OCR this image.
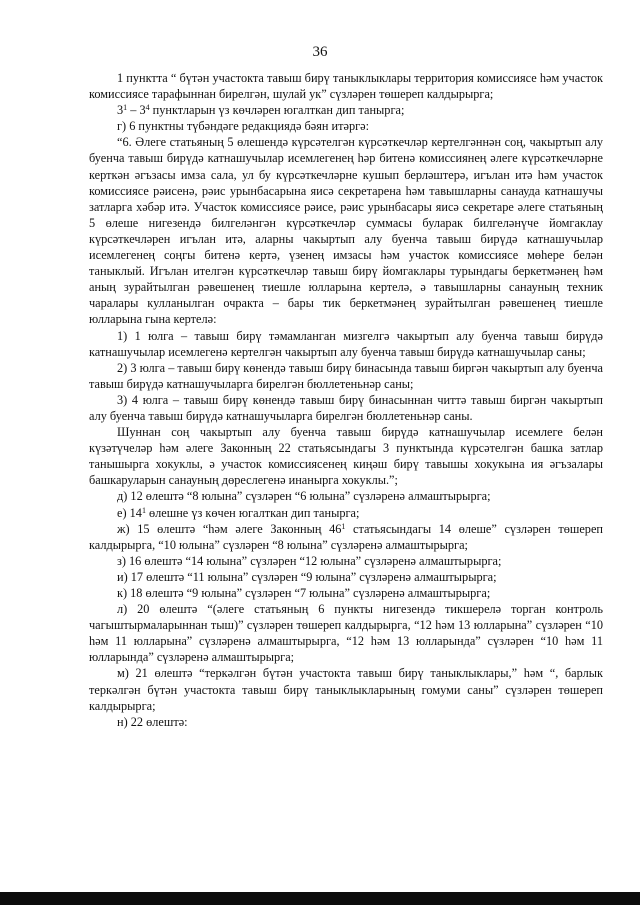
36

1 пунктта “ бүтән участокта тавыш бирү таныклыклары территория комиссиясе һәм участок комиссиясе тарафыннан бирелгән, шулай ук” сүзләрен төшереп калдырырга;

$3^1 - 3^4$ пунктларын үз көчләрен югалткан дип танырга;

г) 6 пунктны түбәндәге редакциядә бәян итәргә:

“6. Әлеге статьяның 5 өлешендә күрсәтелгән күрсәткечләр кертелгәннән соң, чакыртып алу буенча тавыш бирүдә катнашучылар исемлегенең һәр битенә комиссиянең әлеге күрсәткечләрне керткән әгъзасы имза сала, ул бу күрсәткечләрне кушып берләштерә, игълан итә һәм участок комиссиясе рәисенә, рәис урынбасарына яисә секретарена һәм тавышларны санауда катнашучы затларга хәбәр итә. Участок комиссиясе рәисе, рәис урынбасары яисә секретаре әлеге статьяның 5 өлеше нигезендә билгеләнгән күрсәткечләр суммасы буларак билгеләнүче йомгаклау күрсәткечләрен игълан итә, аларны чакыртып алу буенча тавыш бирүдә катнашучылар исемлегенең соңгы битенә кертә, үзенең имзасы һәм участок комиссиясе мөһере белән таныклый. Игълан ителгән күрсәткечләр тавыш бирү йомгаклары турындагы беркетмәнең һәм аның зурайтылган рәвешенең тиешле юлларына кертелә, ә тавышларны санауның техник чаралары кулланылган очракта – бары тик беркетмәнең зурайтылган рәвешенең тиешле юлларына гына кертелә:

1) 1 юлга – тавыш бирү тәмамланган мизгелгә чакыртып алу буенча тавыш бирүдә катнашучылар исемлегенә кертелгән чакыртып алу буенча тавыш бирүдә катнашучылар саны;

2) 3 юлга – тавыш бирү көнендә тавыш бирү бинасында тавыш биргән чакыртып алу буенча тавыш бирүдә катнашучыларга бирелгән бюллетеньнәр саны;

3) 4 юлга – тавыш бирү көнендә тавыш бирү бинасыннан читтә тавыш биргән чакыртып алу буенча тавыш бирүдә катнашучыларга бирелгән бюллетеньнәр саны.

Шуннан соң чакыртып алу буенча тавыш бирүдә катнашучылар исемлеге белән күзәтүчеләр һәм әлеге Законның 22 статьясындагы 3 пунктында күрсәтелгән башка затлар танышырга хокуклы, ә участок комиссиясенең киңәш бирү тавышы хокукына ия әгъзалары башкаруларын санауның дөреслегенә инанырга хокуклы.”;

д) 12 өлештә “8 юлына” сүзләрен “6 юлына” сүзләренә алмаштырырга;

е) $14^1$ өлешне үз көчен югалткан дип танырга;

ж) 15 өлештә “һәм әлеге Законның $46^1$ статьясындагы 14 өлеше” сүзләрен төшереп калдырырга, “10 юлына” сүзләрен “8 юлына” сүзләренә алмаштырырга;

з) 16 өлештә “14 юлына” сүзләрен “12 юлына” сүзләренә алмаштырырга;

и) 17 өлештә “11 юлына” сүзләрен “9 юлына” сүзләренә алмаштырырга;

к) 18 өлештә “9 юлына” сүзләрен “7 юлына” сүзләренә алмаштырырга;

л) 20 өлештә “(әлеге статьяның 6 пункты нигезендә тикшерелә торган контроль чагыштырмаларыннан тыш)” сүзләрен төшереп калдырырга, “12 һәм 13 юлларына” сүзләрен “10 һәм 11 юлларына” сүзләренә алмаштырырга, “12 һәм 13 юлларында” сүзләрен “10 һәм 11 юлларында” сүзләренә алмаштырырга;

м) 21 өлештә “теркәлгән бүтән участокта тавыш бирү таныклыклары,” һәм “, барлык теркәлгән бүтән участокта тавыш бирү таныклыкларының гомуми саны” сүзләрен төшереп калдырырга;

н) 22 өлештә:
